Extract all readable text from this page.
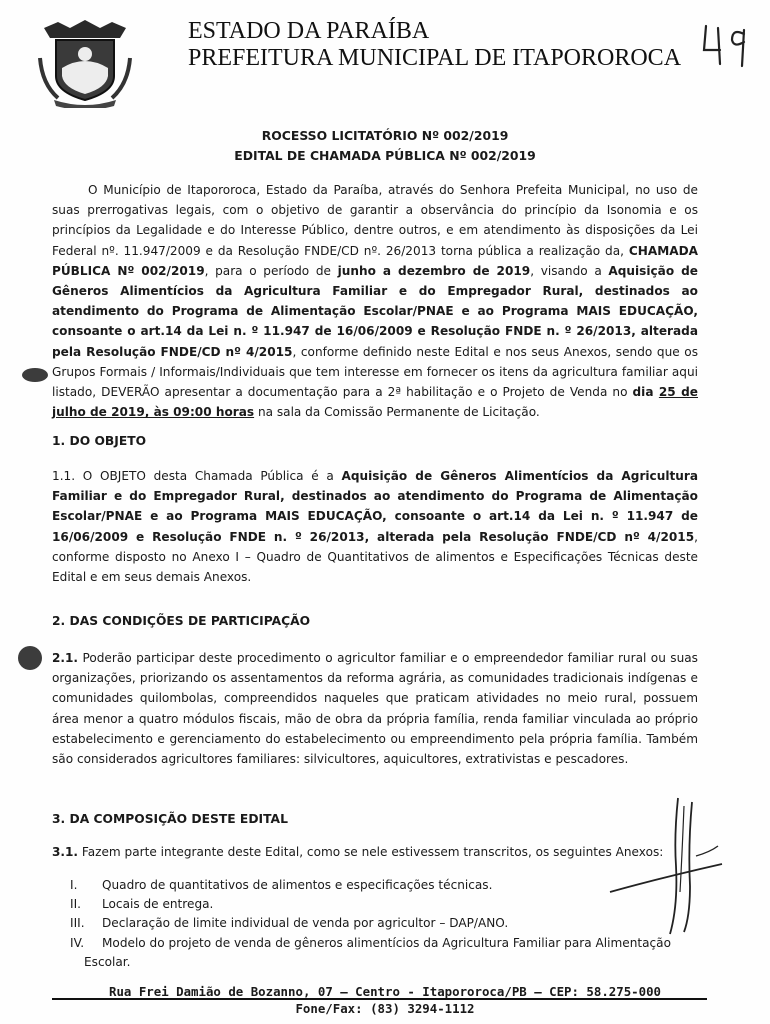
ESTADO DA PARAÍBA
PREFEITURA MUNICIPAL DE ITAPOROROCA
ROCESSO LICITATÓRIO Nº 002/2019
EDITAL DE CHAMADA PÚBLICA Nº 002/2019
O Município de Itapororoca, Estado da Paraíba, através do Senhora Prefeita Municipal, no uso de suas prerrogativas legais, com o objetivo de garantir a observância do princípio da Isonomia e os princípios da Legalidade e do Interesse Público, dentre outros, e em atendimento às disposições da Lei Federal nº. 11.947/2009 e da Resolução FNDE/CD nº. 26/2013 torna pública a realização da, CHAMADA PÚBLICA Nº 002/2019, para o período de junho a dezembro de 2019, visando a Aquisição de Gêneros Alimentícios da Agricultura Familiar e do Empregador Rural, destinados ao atendimento do Programa de Alimentação Escolar/PNAE e ao Programa MAIS EDUCAÇÃO, consoante o art.14 da Lei n. º 11.947 de 16/06/2009 e Resolução FNDE n. º 26/2013, alterada pela Resolução FNDE/CD nº 4/2015, conforme definido neste Edital e nos seus Anexos, sendo que os Grupos Formais / Informais/Individuais que tem interesse em fornecer os itens da agricultura familiar aqui listado, DEVERÃO apresentar a documentação para a 2ª habilitação e o Projeto de Venda no dia 25 de julho de 2019, às 09:00 horas na sala da Comissão Permanente de Licitação.
1. DO OBJETO
1.1. O OBJETO desta Chamada Pública é a Aquisição de Gêneros Alimentícios da Agricultura Familiar e do Empregador Rural, destinados ao atendimento do Programa de Alimentação Escolar/PNAE e ao Programa MAIS EDUCAÇÃO, consoante o art.14 da Lei n. º 11.947 de 16/06/2009 e Resolução FNDE n. º 26/2013, alterada pela Resolução FNDE/CD nº 4/2015, conforme disposto no Anexo I – Quadro de Quantitativos de alimentos e Especificações Técnicas deste Edital e em seus demais Anexos.
2. DAS CONDIÇÕES DE PARTICIPAÇÃO
2.1. Poderão participar deste procedimento o agricultor familiar e o empreendedor familiar rural ou suas organizações, priorizando os assentamentos da reforma agrária, as comunidades tradicionais indígenas e comunidades quilombolas, compreendidos naqueles que praticam atividades no meio rural, possuem área menor a quatro módulos fiscais, mão de obra da própria família, renda familiar vinculada ao próprio estabelecimento e gerenciamento do estabelecimento ou empreendimento pela própria família. Também são considerados agricultores familiares: silvicultores, aquicultores, extrativistas e pescadores.
3. DA COMPOSIÇÃO DESTE EDITAL
3.1. Fazem parte integrante deste Edital, como se nele estivessem transcritos, os seguintes Anexos:
I.	Quadro de quantitativos de alimentos e especificações técnicas.
II.	Locais de entrega.
III.	Declaração de limite individual de venda por agricultor – DAP/ANO.
IV.	Modelo do projeto de venda de gêneros alimentícios da Agricultura Familiar para Alimentação
Escolar.
Rua Frei Damião de Bozanno, 07 – Centro - Itapororoca/PB – CEP: 58.275-000
Fone/Fax: (83) 3294-1112
